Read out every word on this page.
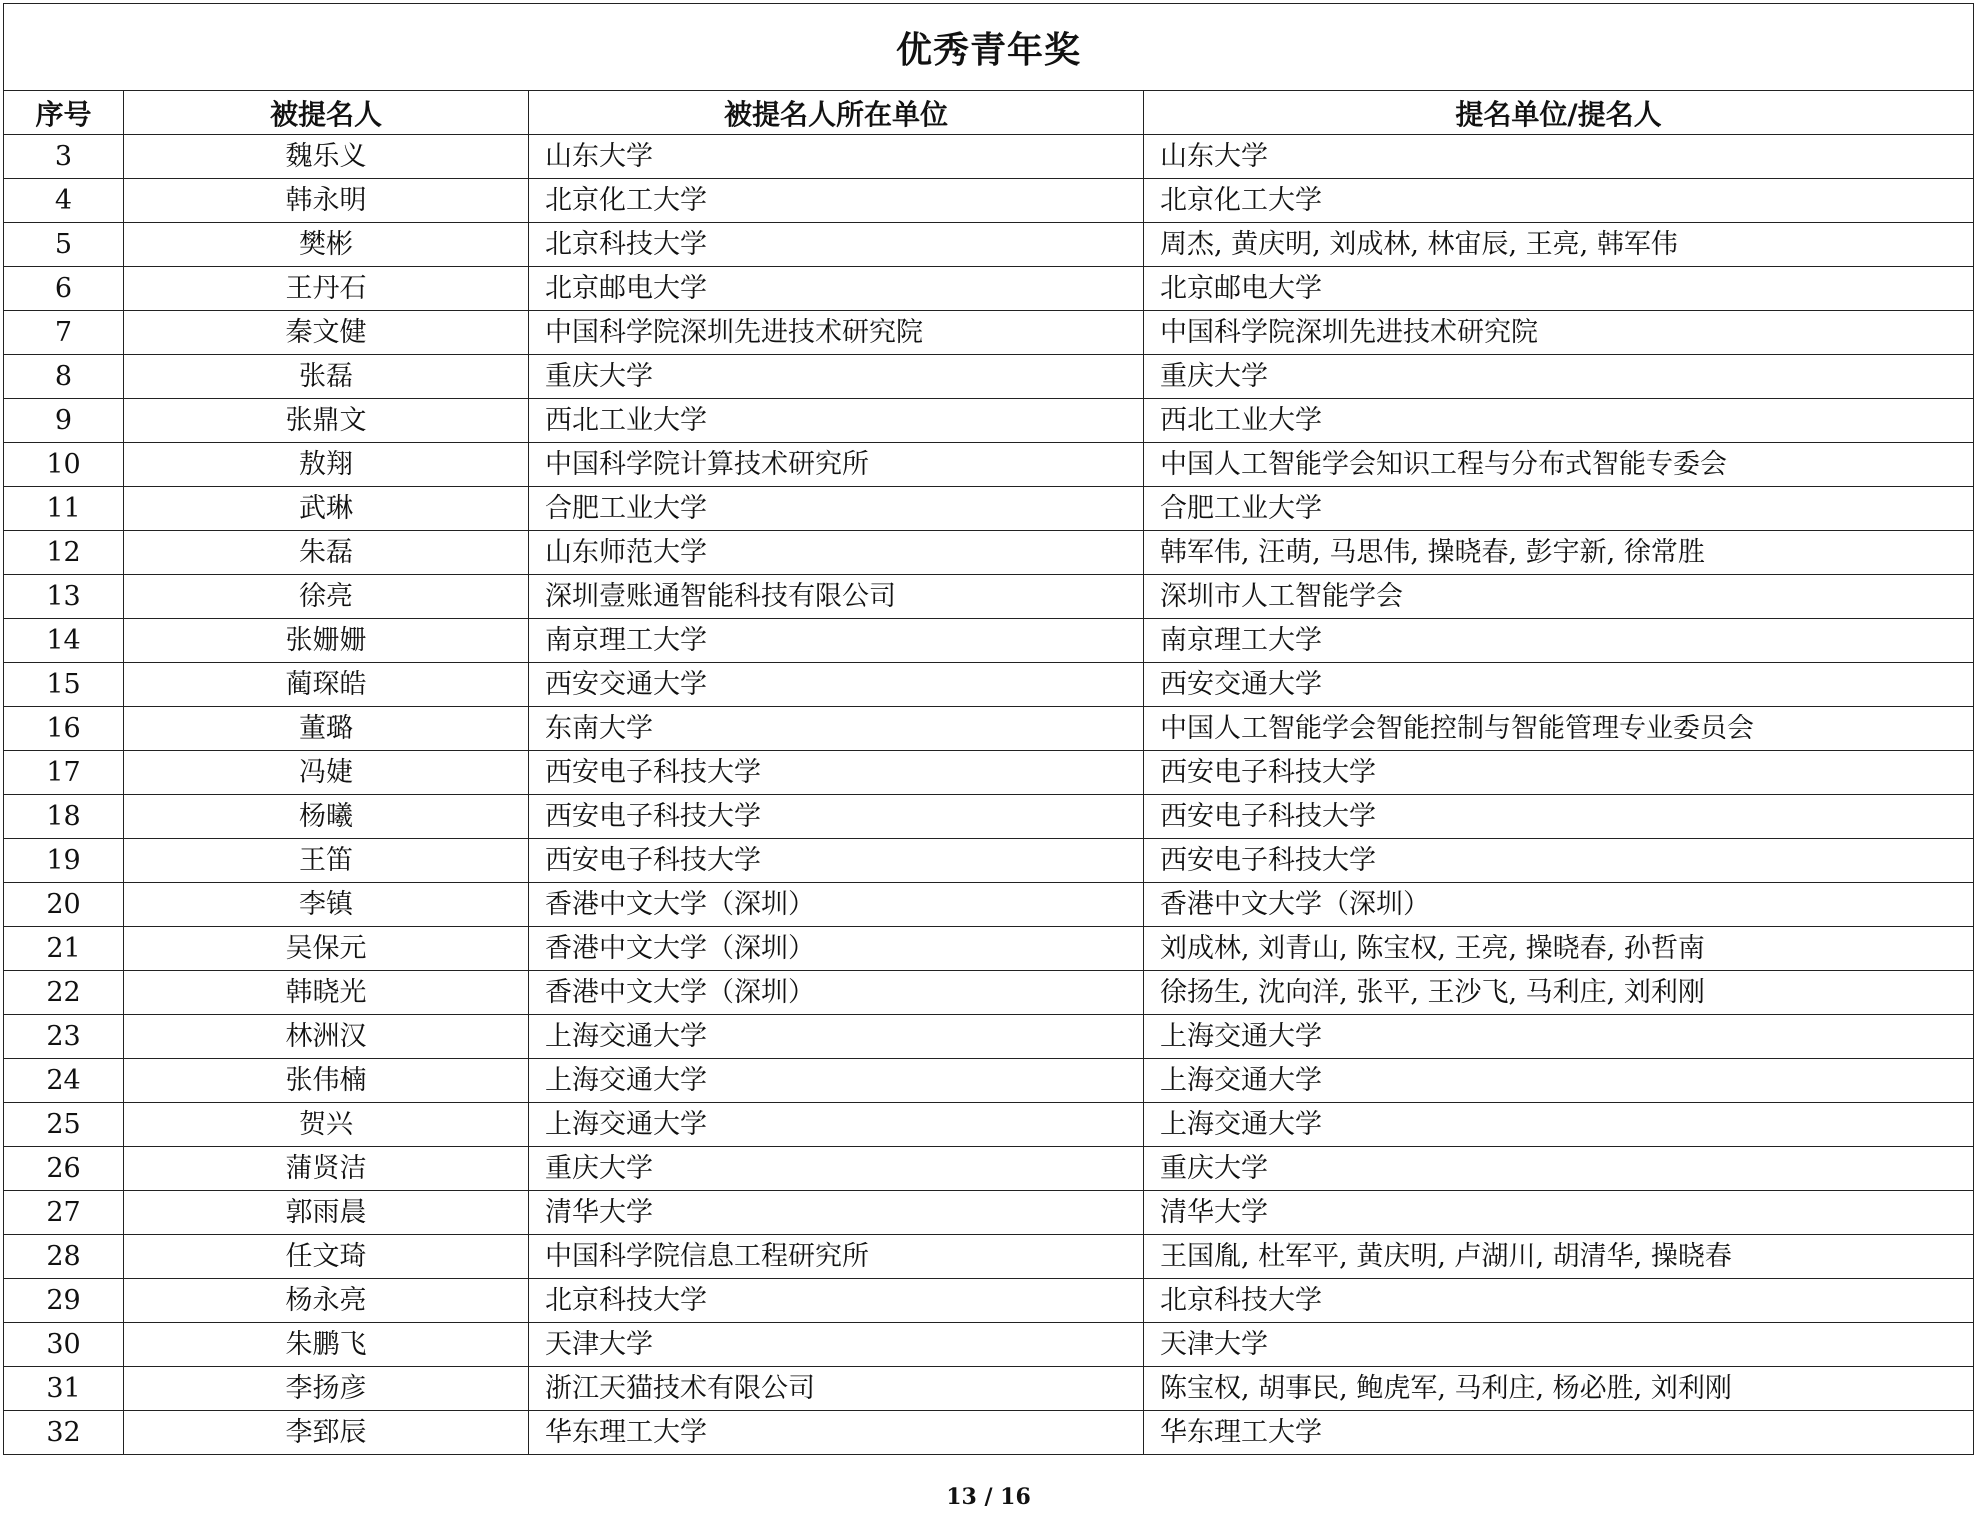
优秀青年奖			
序号	被提名人	被提名人所在单位	提名单位/提名人
3	魏乐义	山东大学	山东大学
4	韩永明	北京化工大学	北京化工大学
5	樊彬	北京科技大学	周杰, 黄庆明, 刘成林, 林宙辰, 王亮, 韩军伟
6	王丹石	北京邮电大学	北京邮电大学
7	秦文健	中国科学院深圳先进技术研究院	中国科学院深圳先进技术研究院
8	张磊	重庆大学	重庆大学
9	张鼎文	西北工业大学	西北工业大学
10	敖翔	中国科学院计算技术研究所	中国人工智能学会知识工程与分布式智能专委会
11	武琳	合肥工业大学	合肥工业大学
12	朱磊	山东师范大学	韩军伟, 汪萌, 马思伟, 操晓春, 彭宇新, 徐常胜
13	徐亮	深圳壹账通智能科技有限公司	深圳市人工智能学会
14	张姗姗	南京理工大学	南京理工大学
15	蔺琛皓	西安交通大学	西安交通大学
16	董璐	东南大学	中国人工智能学会智能控制与智能管理专业委员会
17	冯婕	西安电子科技大学	西安电子科技大学
18	杨曦	西安电子科技大学	西安电子科技大学
19	王笛	西安电子科技大学	西安电子科技大学
20	李镇	香港中文大学（深圳）	香港中文大学（深圳）
21	吴保元	香港中文大学（深圳）	刘成林, 刘青山, 陈宝权, 王亮, 操晓春, 孙哲南
22	韩晓光	香港中文大学（深圳）	徐扬生, 沈向洋, 张平, 王沙飞, 马利庄, 刘利刚
23	林洲汉	上海交通大学	上海交通大学
24	张伟楠	上海交通大学	上海交通大学
25	贺兴	上海交通大学	上海交通大学
26	蒲贤洁	重庆大学	重庆大学
27	郭雨晨	清华大学	清华大学
28	任文琦	中国科学院信息工程研究所	王国胤, 杜军平, 黄庆明, 卢湖川, 胡清华, 操晓春
29	杨永亮	北京科技大学	北京科技大学
30	朱鹏飞	天津大学	天津大学
31	李扬彦	浙江天猫技术有限公司	陈宝权, 胡事民, 鲍虎军, 马利庄, 杨必胜, 刘利刚
32	李郅辰	华东理工大学	华东理工大学
13 / 16
